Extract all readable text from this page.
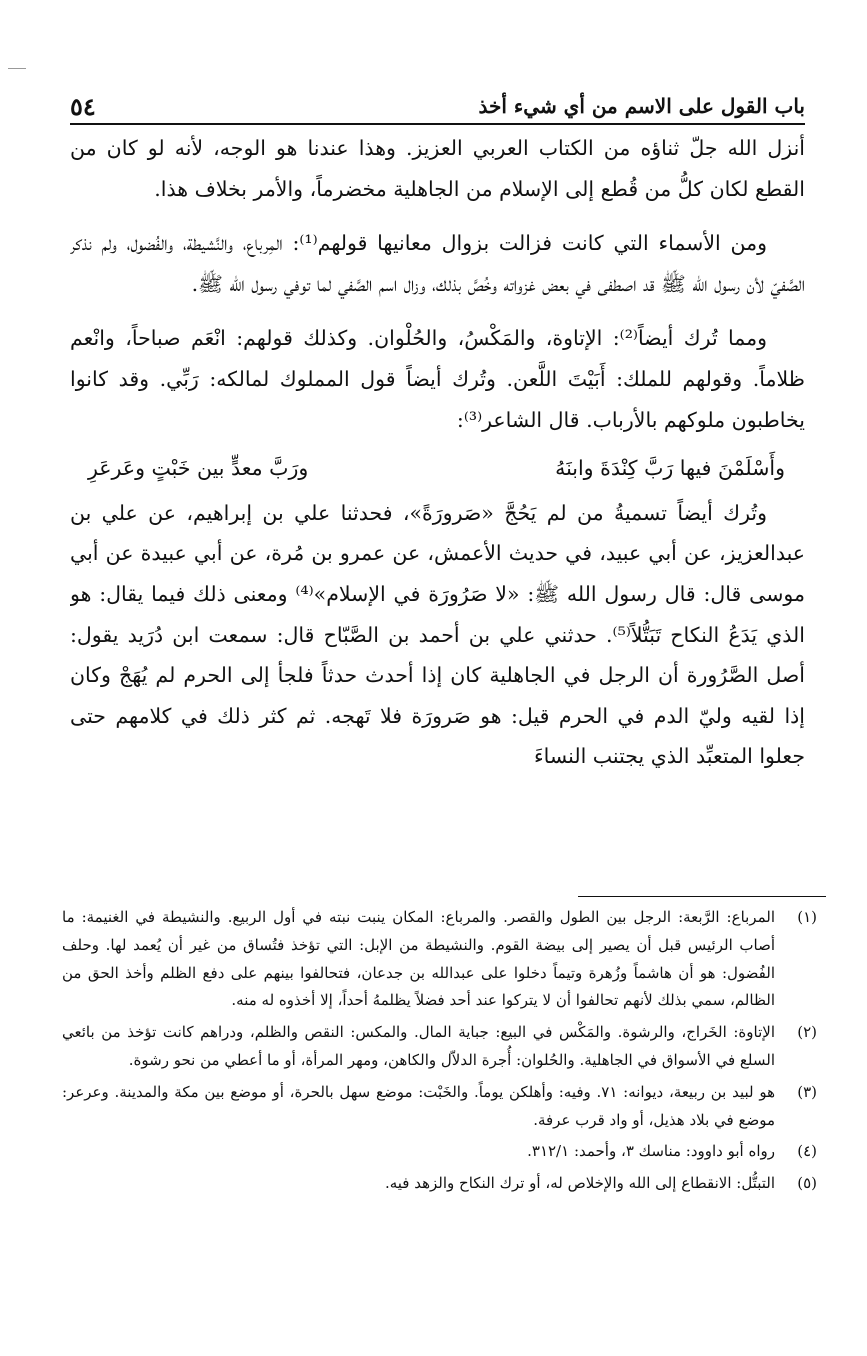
باب القول على الاسم من أي شيء أخذ
٥٤

أنزل الله جلّ ثناؤه من الكتاب العربي العزيز. وهذا عندنا هو الوجه، لأنه لو كان من القطع لكان كلُّ من قُطع إلى الإسلام من الجاهلية مخضرماً، والأمر بخلاف هذا.

ومن الأسماء التي كانت فزالت بزوال معانيها قولهم⁽¹⁾: المِرباع، والنَّشيطة، والفُضول، ولم نذكر الصَّفيّ لأن رسول الله ﷺ قد اصطفى في بعض غزواته وخُصَّ بذلك، وزال اسم الصَّفي لما توفي رسول الله ﷺ.

ومما تُرك أيضاً⁽²⁾: الإتاوة، والمَكْسُ، والحُلْوان. وكذلك قولهم: انْعَم صباحاً، وانْعم ظلاماً. وقولهم للملك: أَبَيْتَ اللَّعن. وتُرك أيضاً قول المملوك لمالكه: رَبِّي. وقد كانوا يخاطبون ملوكهم بالأرباب. قال الشاعر⁽³⁾:

وأَسْلَمْنَ فيها رَبَّ كِنْدَةَ وابنَهُ
ورَبَّ معدٍّ بين خَبْتٍ وعَرعَرِ

وتُرك أيضاً تسميةُ من لم يَحُجَّ «صَرورَةً»، فحدثنا علي بن إبراهيم، عن علي بن عبدالعزيز، عن أبي عبيد، في حديث الأعمش، عن عمرو بن مُرة، عن أبي عبيدة عن أبي موسى قال: قال رسول الله ﷺ: «لا صَرُورَة في الإسلام»⁽⁴⁾ ومعنى ذلك فيما يقال: هو الذي يَدَعُ النكاح تَبَتُّلاً⁽⁵⁾. حدثني علي بن أحمد بن الصَّبّاح قال: سمعت ابن دُرَيد يقول: أصل الصَّرُورة أن الرجل في الجاهلية كان إذا أحدث حدثاً فلجأ إلى الحرم لم يُهَجْ وكان إذا لقيه وليّ الدم في الحرم قيل: هو صَرورَة فلا تَهجه. ثم كثر ذلك في كلامهم حتى جعلوا المتعبِّد الذي يجتنب النساءَ

(١)
المرباع: الرَّبعة: الرجل بين الطول والقصر. والمرباع: المكان ينبت نبته في أول الربيع. والنشيطة في الغنيمة: ما أصاب الرئيس قبل أن يصير إلى بيضة القوم. والنشيطة من الإبل: التي تؤخذ فتُساق من غير أن يُعمد لها. وحلف الفُضول: هو أن هاشماً وزُهرة وتيماً دخلوا على عبدالله بن جدعان، فتحالفوا بينهم على دفع الظلم وأخذ الحق من الظالم، سمي بذلك لأنهم تحالفوا أن لا يتركوا عند أحد فضلاً يظلمهُ أحداً، إلا أخذوه له منه.
(٢)
الإتاوة: الخَراج، والرشوة. والمَكْس في البيع: جباية المال. والمكس: النقص والظلم، ودراهم كانت تؤخذ من بائعي السلع في الأسواق في الجاهلية. والحُلوان: أُجرة الدلاّل والكاهن، ومهر المرأة، أو ما أعطي من نحو رشوة.
(٣)
هو لبيد بن ربيعة، ديوانه: ٧١. وفيه: وأهلكن يوماً. والخَبْت: موضع سهل بالحرة، أو موضع بين مكة والمدينة. وعرعر: موضع في بلاد هذيل، أو واد قرب عرفة.
(٤)
رواه أبو داوود: مناسك ٣، وأحمد: ٣١٢/١.
(٥)
التبتُّل: الانقطاع إلى الله والإخلاص له، أو ترك النكاح والزهد فيه.
